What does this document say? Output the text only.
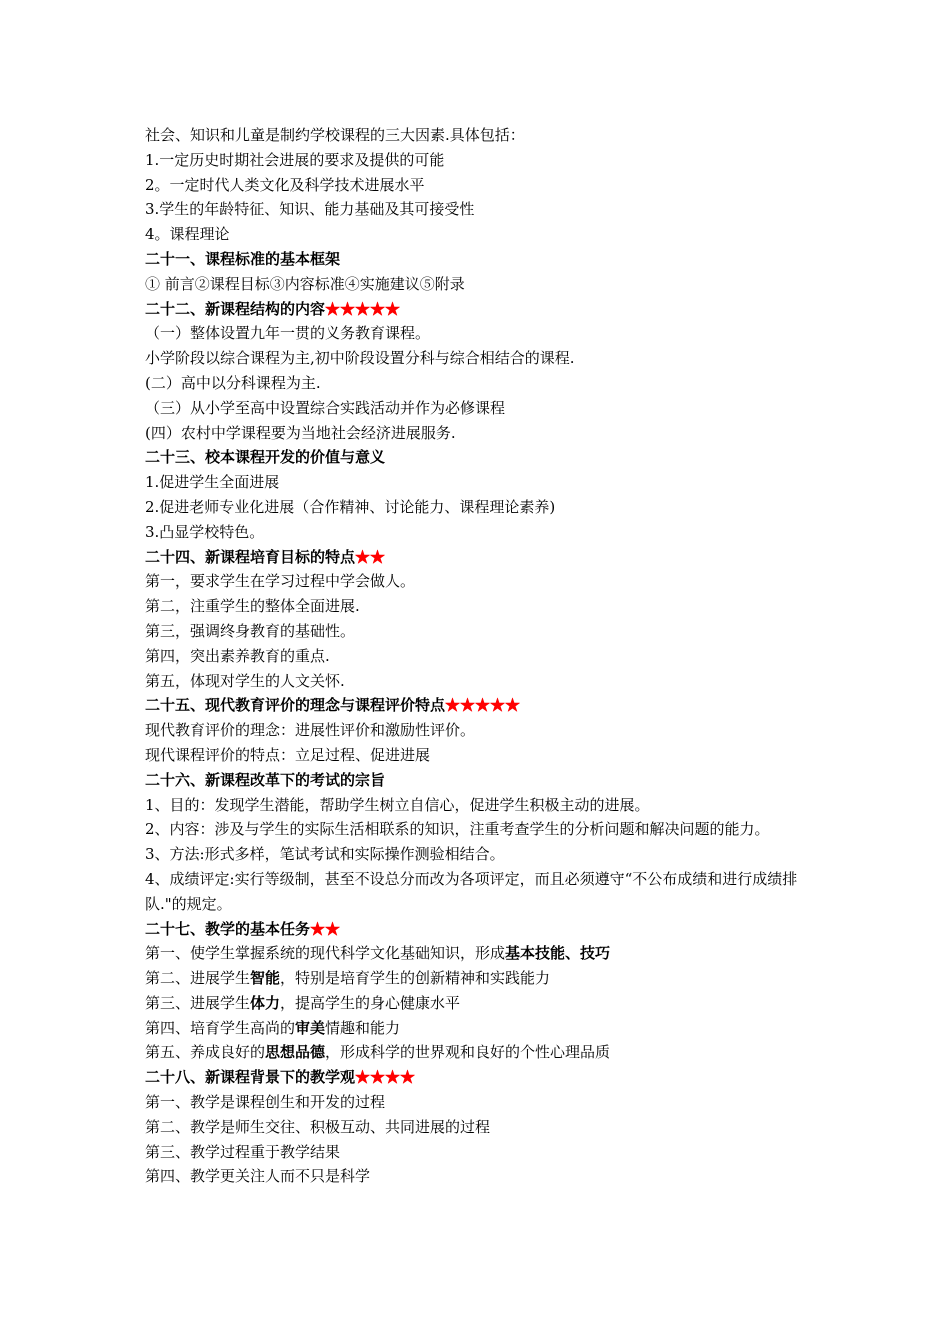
社会、知识和儿童是制约学校课程的三大因素.具体包括：
1.一定历史时期社会进展的要求及提供的可能
2。一定时代人类文化及科学技术进展水平
3.学生的年龄特征、知识、能力基础及其可接受性
4。课程理论
二十一、课程标准的基本框架
① 前言②课程目标③内容标准④实施建议⑤附录
二十二、新课程结构的内容★★★★★
（一）整体设置九年一贯的义务教育课程。
小学阶段以综合课程为主,初中阶段设置分科与综合相结合的课程.
(二）高中以分科课程为主.
（三）从小学至高中设置综合实践活动并作为必修课程
(四）农村中学课程要为当地社会经济进展服务.
二十三、校本课程开发的价值与意义
1.促进学生全面进展
2.促进老师专业化进展（合作精神、讨论能力、课程理论素养)
3.凸显学校特色。
二十四、新课程培育目标的特点★★
第一，要求学生在学习过程中学会做人。
第二，注重学生的整体全面进展.
第三，强调终身教育的基础性。
第四，突出素养教育的重点.
第五，体现对学生的人文关怀.
二十五、现代教育评价的理念与课程评价特点★★★★★
现代教育评价的理念：进展性评价和激励性评价。
现代课程评价的特点：立足过程、促进进展
二十六、新课程改革下的考试的宗旨
1、目的：发现学生潜能，帮助学生树立自信心，促进学生积极主动的进展。
2、内容：涉及与学生的实际生活相联系的知识，注重考查学生的分析问题和解决问题的能力。
3、方法:形式多样，笔试考试和实际操作测验相结合。
4、成绩评定:实行等级制，甚至不设总分而改为各项评定，而且必须遵守“不公布成绩和进行成绩排队."的规定。
二十七、教学的基本任务★★
第一、使学生掌握系统的现代科学文化基础知识，形成基本技能、技巧
第二、进展学生智能，特别是培育学生的创新精神和实践能力
第三、进展学生体力，提高学生的身心健康水平
第四、培育学生高尚的审美情趣和能力
第五、养成良好的思想品德，形成科学的世界观和良好的个性心理品质
二十八、新课程背景下的教学观★★★★
第一、教学是课程创生和开发的过程
第二、教学是师生交往、积极互动、共同进展的过程
第三、教学过程重于教学结果
第四、教学更关注人而不只是科学
